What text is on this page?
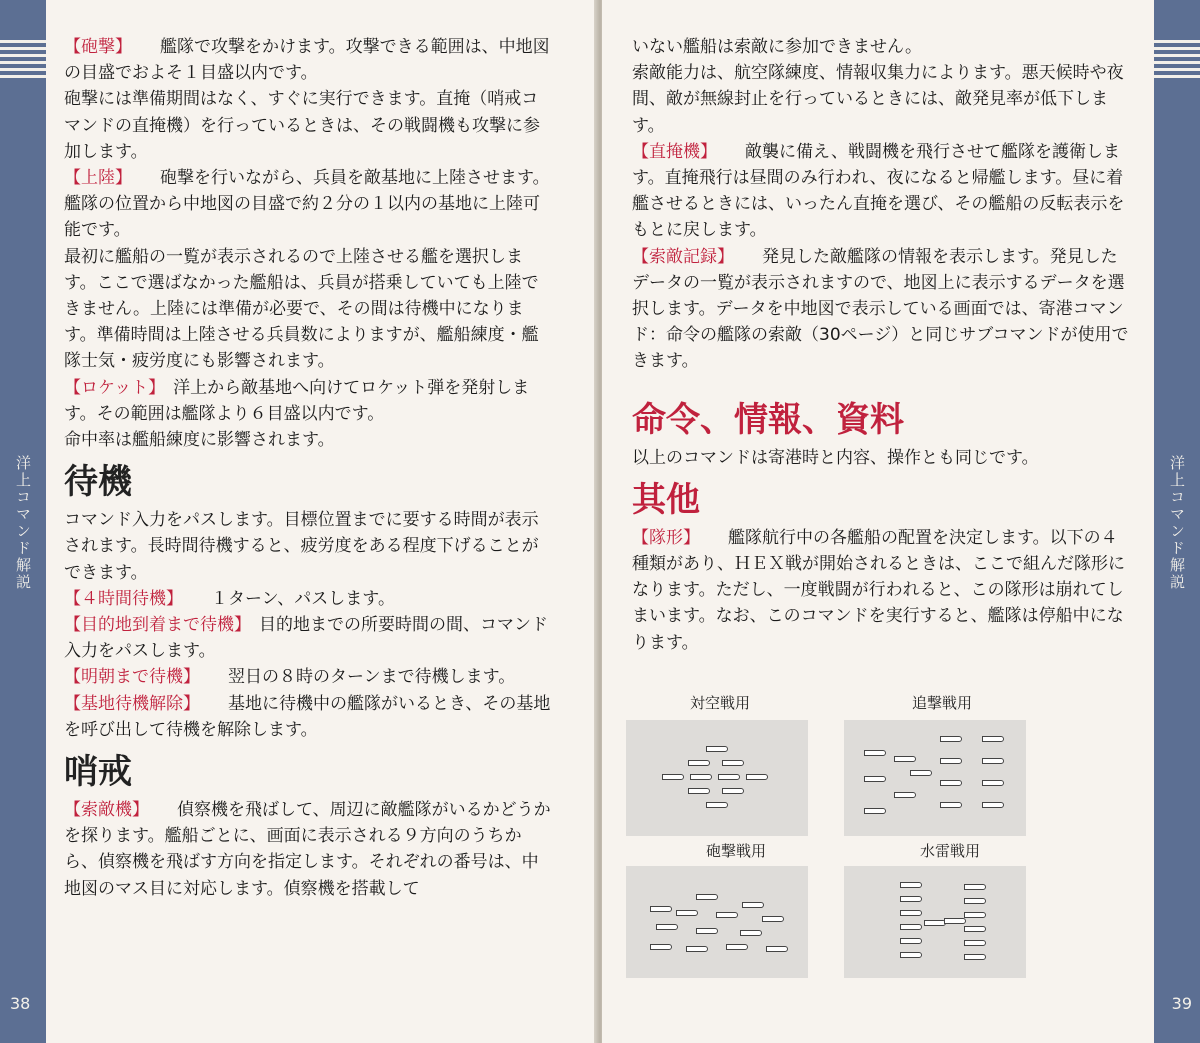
洋上コマンド解説
38

【砲撃】 艦隊で攻撃をかけます。攻撃できる範囲は、中地図の目盛でおよそ１目盛以内です。

砲撃には準備期間はなく、すぐに実行できます。直掩（哨戒コマンドの直掩機）を行っているときは、その戦闘機も攻撃に参加します。

【上陸】 砲撃を行いながら、兵員を敵基地に上陸させます。艦隊の位置から中地図の目盛で約２分の１以内の基地に上陸可能です。

最初に艦船の一覧が表示されるので上陸させる艦を選択します。ここで選ばなかった艦船は、兵員が搭乗していても上陸できません。上陸には準備が必要で、その間は待機中になります。準備時間は上陸させる兵員数によりますが、艦船練度・艦隊士気・疲労度にも影響されます。

【ロケット】 洋上から敵基地へ向けてロケット弾を発射します。その範囲は艦隊より６目盛以内です。

命中率は艦船練度に影響されます。

待機

コマンド入力をパスします。目標位置までに要する時間が表示されます。長時間待機すると、疲労度をある程度下げることができます。

【４時間待機】 １ターン、パスします。

【目的地到着まで待機】 目的地までの所要時間の間、コマンド入力をパスします。

【明朝まで待機】 翌日の８時のターンまで待機します。

【基地待機解除】 基地に待機中の艦隊がいるとき、その基地を呼び出して待機を解除します。

哨戒

【索敵機】 偵察機を飛ばして、周辺に敵艦隊がいるかどうかを探ります。艦船ごとに、画面に表示される９方向のうちから、偵察機を飛ばす方向を指定します。それぞれの番号は、中地図のマス目に対応します。偵察機を搭載して

洋上コマンド解説
39

いない艦船は索敵に参加できません。

索敵能力は、航空隊練度、情報収集力によります。悪天候時や夜間、敵が無線封止を行っているときには、敵発見率が低下します。

【直掩機】 敵襲に備え、戦闘機を飛行させて艦隊を護衛します。直掩飛行は昼間のみ行われ、夜になると帰艦します。昼に着艦させるときには、いったん直掩を選び、その艦船の反転表示をもとに戻します。

【索敵記録】 発見した敵艦隊の情報を表示します。発見したデータの一覧が表示されますので、地図上に表示するデータを選択します。データを中地図で表示している画面では、寄港コマンド：命令の艦隊の索敵（30ページ）と同じサブコマンドが使用できます。

命令、情報、資料

以上のコマンドは寄港時と内容、操作とも同じです。

其他

【隊形】 艦隊航行中の各艦船の配置を決定します。以下の４種類があり、ＨＥＸ戦が開始されるときは、ここで組んだ隊形になります。ただし、一度戦闘が行われると、この隊形は崩れてしまいます。なお、このコマンドを実行すると、艦隊は停船中になります。

対空戦用	追撃戦用
砲撃戦用	水雷戦用
